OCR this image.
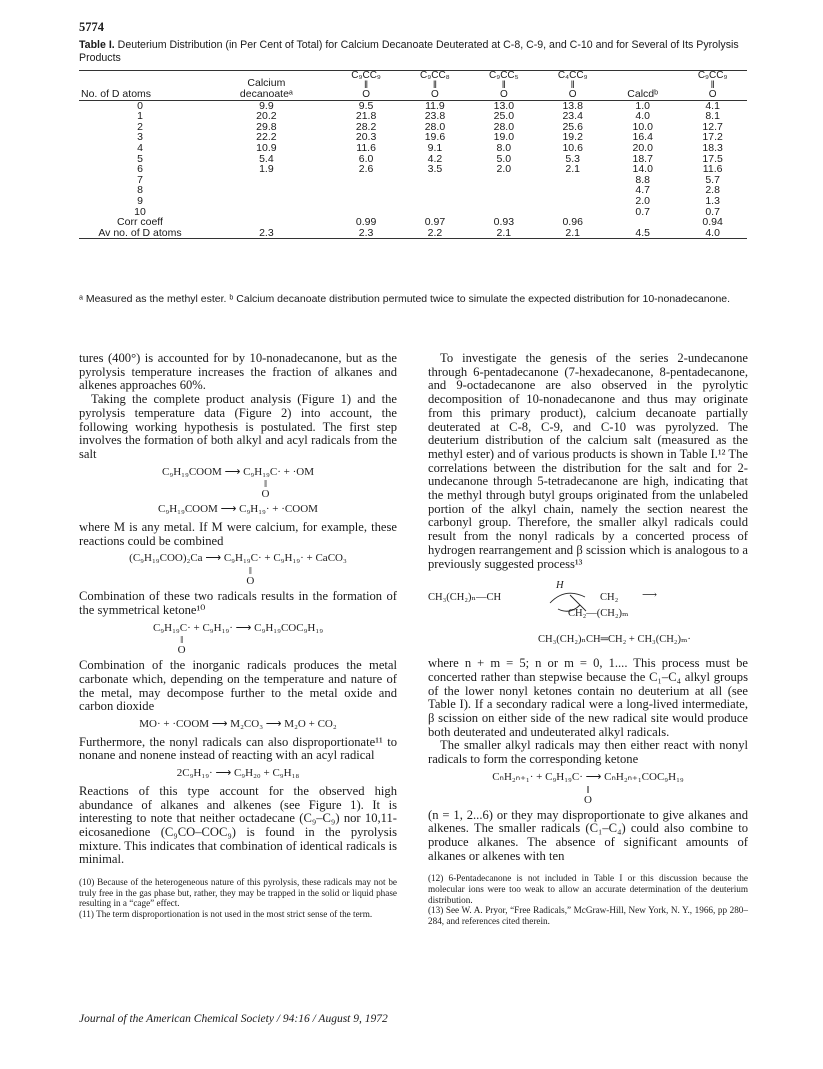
5774
Table I. Deuterium Distribution (in Per Cent of Total) for Calcium Decanoate Deuterated at C-8, C-9, and C-10 and for Several of Its Pyrolysis Products
No. of D atoms	Calcium decanoateᵃ	C₉CC₉
‖
O	C₉CC₈
‖
O	C₉CC₅
‖
O	C₄CC₉
‖
O	Calcdᵇ	C₉CC₉
‖
O
0	9.9	9.5	11.9	13.0	13.8	1.0	4.1
1	20.2	21.8	23.8	25.0	23.4	4.0	8.1
2	29.8	28.2	28.0	28.0	25.6	10.0	12.7
3	22.2	20.3	19.6	19.0	19.2	16.4	17.2
4	10.9	11.6	9.1	8.0	10.6	20.0	18.3
5	5.4	6.0	4.2	5.0	5.3	18.7	17.5
6	1.9	2.6	3.5	2.0	2.1	14.0	11.6
7						8.8	5.7
8						4.7	2.8
9						2.0	1.3
10						0.7	0.7
Corr coeff		0.99	0.97	0.93	0.96		0.94
Av no. of D atoms	2.3	2.3	2.2	2.1	2.1	4.5	4.0
ᵃ Measured as the methyl ester. ᵇ Calcium decanoate distribution permuted twice to simulate the expected distribution for 10-nonadecanone.

tures (400°) is accounted for by 10-nonadecanone, but as the pyrolysis temperature increases the fraction of alkanes and alkenes approaches 60%.

Taking the complete product analysis (Figure 1) and the pyrolysis temperature data (Figure 2) into account, the following working hypothesis is postulated. The first step involves the formation of both alkyl and acyl radicals from the salt

C₉H₁₉COOM ⟶ C₉H₁₉C· + ·OM
‖
O
C₉H₁₉COOM ⟶ C₉H₁₉· + ·COOM

where M is any metal. If M were calcium, for example, these reactions could be combined

(C₉H₁₉COO)₂Ca ⟶ C₉H₁₉C· + C₉H₁₉· + CaCO₃
‖
O

Combination of these two radicals results in the formation of the symmetrical ketone¹⁰

C₉H₁₉C· + C₉H₁₉· ⟶ C₉H₁₉COC₉H₁₉
‖
O

Combination of the inorganic radicals produces the metal carbonate which, depending on the temperature and nature of the metal, may decompose further to the metal oxide and carbon dioxide

MO· + ·COOM ⟶ M₂CO₃ ⟶ M₂O + CO₂

Furthermore, the nonyl radicals can also disproportionate¹¹ to nonane and nonene instead of reacting with an acyl radical

2C₉H₁₉· ⟶ C₉H₂₀ + C₉H₁₈

Reactions of this type account for the observed high abundance of alkanes and alkenes (see Figure 1). It is interesting to note that neither octadecane (C₉–C₉) nor 10,11-eicosanedione (C₉CO–COC₉) is found in the pyrolysis mixture. This indicates that combination of identical radicals is minimal.

(10) Because of the heterogeneous nature of this pyrolysis, these radicals may not be truly free in the gas phase but, rather, they may be trapped in the solid or liquid phase resulting in a “cage” effect.
(11) The term disproportionation is not used in the most strict sense of the term.

To investigate the genesis of the series 2-undecanone through 6-pentadecanone (7-hexadecanone, 8-pentadecanone, and 9-octadecanone are also observed in the pyrolytic decomposition of 10-nonadecanone and thus may originate from this primary product), calcium decanoate partially deuterated at C-8, C-9, and C-10 was pyrolyzed. The deuterium distribution of the calcium salt (measured as the methyl ester) and of various products is shown in Table I.¹² The correlations between the distribution for the salt and for 2-undecanone through 5-tetradecanone are high, indicating that the methyl through butyl groups originated from the unlabeled portion of the alkyl chain, namely the section nearest the carbonyl group. Therefore, the smaller alkyl radicals could result from the nonyl radicals by a concerted process of hydrogen rearrangement and β scission which is analogous to a previously suggested process¹³

CH₃(CH₂)ₙ—CH
H
CH₂
CH₂—(CH₂)ₘ
⟶
CH₃(CH₂)ₙCH═CH₂ + CH₃(CH₂)ₘ·

where n + m = 5; n or m = 0, 1.... This process must be concerted rather than stepwise because the C₁–C₄ alkyl groups of the lower nonyl ketones contain no deuterium at all (see Table I). If a secondary radical were a long-lived intermediate, β scission on either side of the new radical site would produce both deuterated and undeuterated alkyl radicals.

The smaller alkyl radicals may then either react with nonyl radicals to form the corresponding ketone

CₙH₂ₙ₊₁· + C₉H₁₉C· ⟶ CₙH₂ₙ₊₁COC₉H₁₉
‖
O

(n = 1, 2...6) or they may disproportionate to give alkanes and alkenes. The smaller radicals (C₁–C₄) could also combine to produce alkanes. The absence of significant amounts of alkanes or alkenes with ten

(12) 6-Pentadecanone is not included in Table I or this discussion because the molecular ions were too weak to allow an accurate determination of the deuterium distribution.
(13) See W. A. Pryor, “Free Radicals,” McGraw-Hill, New York, N. Y., 1966, pp 280–284, and references cited therein.
Journal of the American Chemical Society / 94:16 / August 9, 1972
